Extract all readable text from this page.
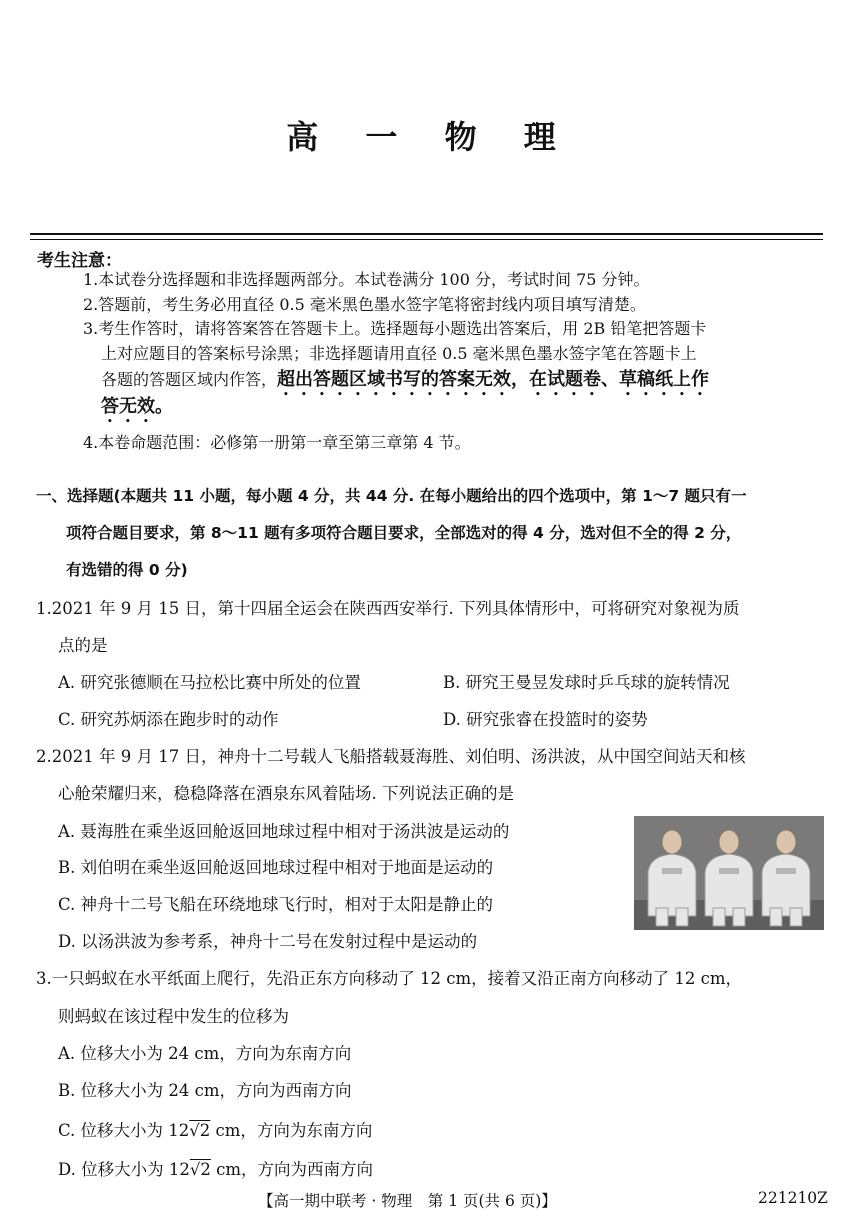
高 一 物 理
考生注意：
1.本试卷分选择题和非选择题两部分。本试卷满分 100 分，考试时间 75 分钟。
2.答题前，考生务必用直径 0.5 毫米黑色墨水签字笔将密封线内项目填写清楚。
3.考生作答时，请将答案答在答题卡上。选择题每小题选出答案后，用 2B 铅笔把答题卡
上对应题目的答案标号涂黑；非选择题请用直径 0.5 毫米黑色墨水签字笔在答题卡上
各题的答题区域内作答，超出答题区域书写的答案无效，在试题卷、草稿纸上作
答无效。
4.本卷命题范围：必修第一册第一章至第三章第 4 节。
一、选择题(本题共 11 小题，每小题 4 分，共 44 分. 在每小题给出的四个选项中，第 1～7 题只有一
项符合题目要求，第 8～11 题有多项符合题目要求，全部选对的得 4 分，选对但不全的得 2 分，
有选错的得 0 分)
1.2021 年 9 月 15 日，第十四届全运会在陕西西安举行. 下列具体情形中，可将研究对象视为质
点的是
A. 研究张德顺在马拉松比赛中所处的位置	B. 研究王曼昱发球时乒乓球的旋转情况
C. 研究苏炳添在跑步时的动作	D. 研究张睿在投篮时的姿势
2.2021 年 9 月 17 日，神舟十二号载人飞船搭载聂海胜、刘伯明、汤洪波，从中国空间站天和核
心舱荣耀归来，稳稳降落在酒泉东风着陆场. 下列说法正确的是
A. 聂海胜在乘坐返回舱返回地球过程中相对于汤洪波是运动的
B. 刘伯明在乘坐返回舱返回地球过程中相对于地面是运动的
C. 神舟十二号飞船在环绕地球飞行时，相对于太阳是静止的
D. 以汤洪波为参考系，神舟十二号在发射过程中是运动的
3.一只蚂蚁在水平纸面上爬行，先沿正东方向移动了 12 cm，接着又沿正南方向移动了 12 cm，
则蚂蚁在该过程中发生的位移为
A. 位移大小为 24 cm，方向为东南方向
B. 位移大小为 24 cm，方向为西南方向
C. 位移大小为 12√2 cm，方向为东南方向
D. 位移大小为 12√2 cm，方向为西南方向
【高一期中联考 · 物理　第 1 页(共 6 页)】	221210Z
